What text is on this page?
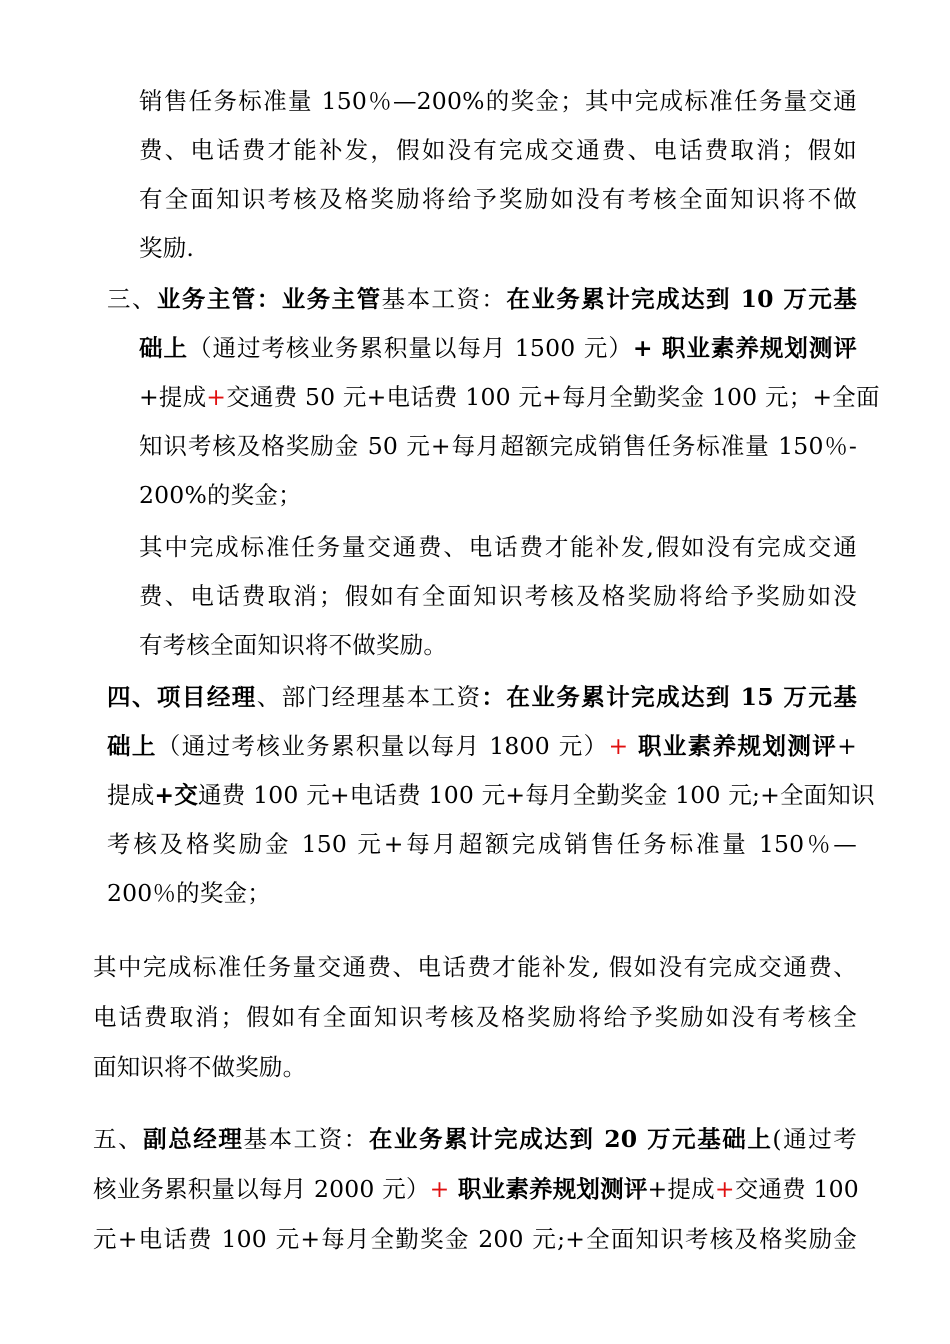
销售任务标准量 150％—200%的奖金；其中完成标准任务量交通
费、电话费才能补发，假如没有完成交通费、电话费取消；假如
有全面知识考核及格奖励将给予奖励如没有考核全面知识将不做
奖励.
三、业务主管：业务主管基本工资：在业务累计完成达到 10 万元基
础上（通过考核业务累积量以每月 1500 元）+ 职业素养规划测评
+提成+交通费 50 元+电话费 100 元+每月全勤奖金 100 元；+全面
知识考核及格奖励金 50 元+每月超额完成销售任务标准量 150％-
200%的奖金；
其中完成标准任务量交通费、电话费才能补发,假如没有完成交通
费、电话费取消；假如有全面知识考核及格奖励将给予奖励如没
有考核全面知识将不做奖励。
四、项目经理、部门经理基本工资：在业务累计完成达到 15 万元基
础上（通过考核业务累积量以每月 1800 元）+ 职业素养规划测评+
提成+交通费 100 元+电话费 100 元+每月全勤奖金 100 元;+全面知识
考核及格奖励金 150 元+每月超额完成销售任务标准量 150％—
200％的奖金；
其中完成标准任务量交通费、电话费才能补发, 假如没有完成交通费、
电话费取消；假如有全面知识考核及格奖励将给予奖励如没有考核全
面知识将不做奖励。
五、副总经理基本工资：在业务累计完成达到 20 万元基础上(通过考
核业务累积量以每月 2000 元）+ 职业素养规划测评+提成+交通费 100
元+电话费 100 元+每月全勤奖金 200 元;+全面知识考核及格奖励金
